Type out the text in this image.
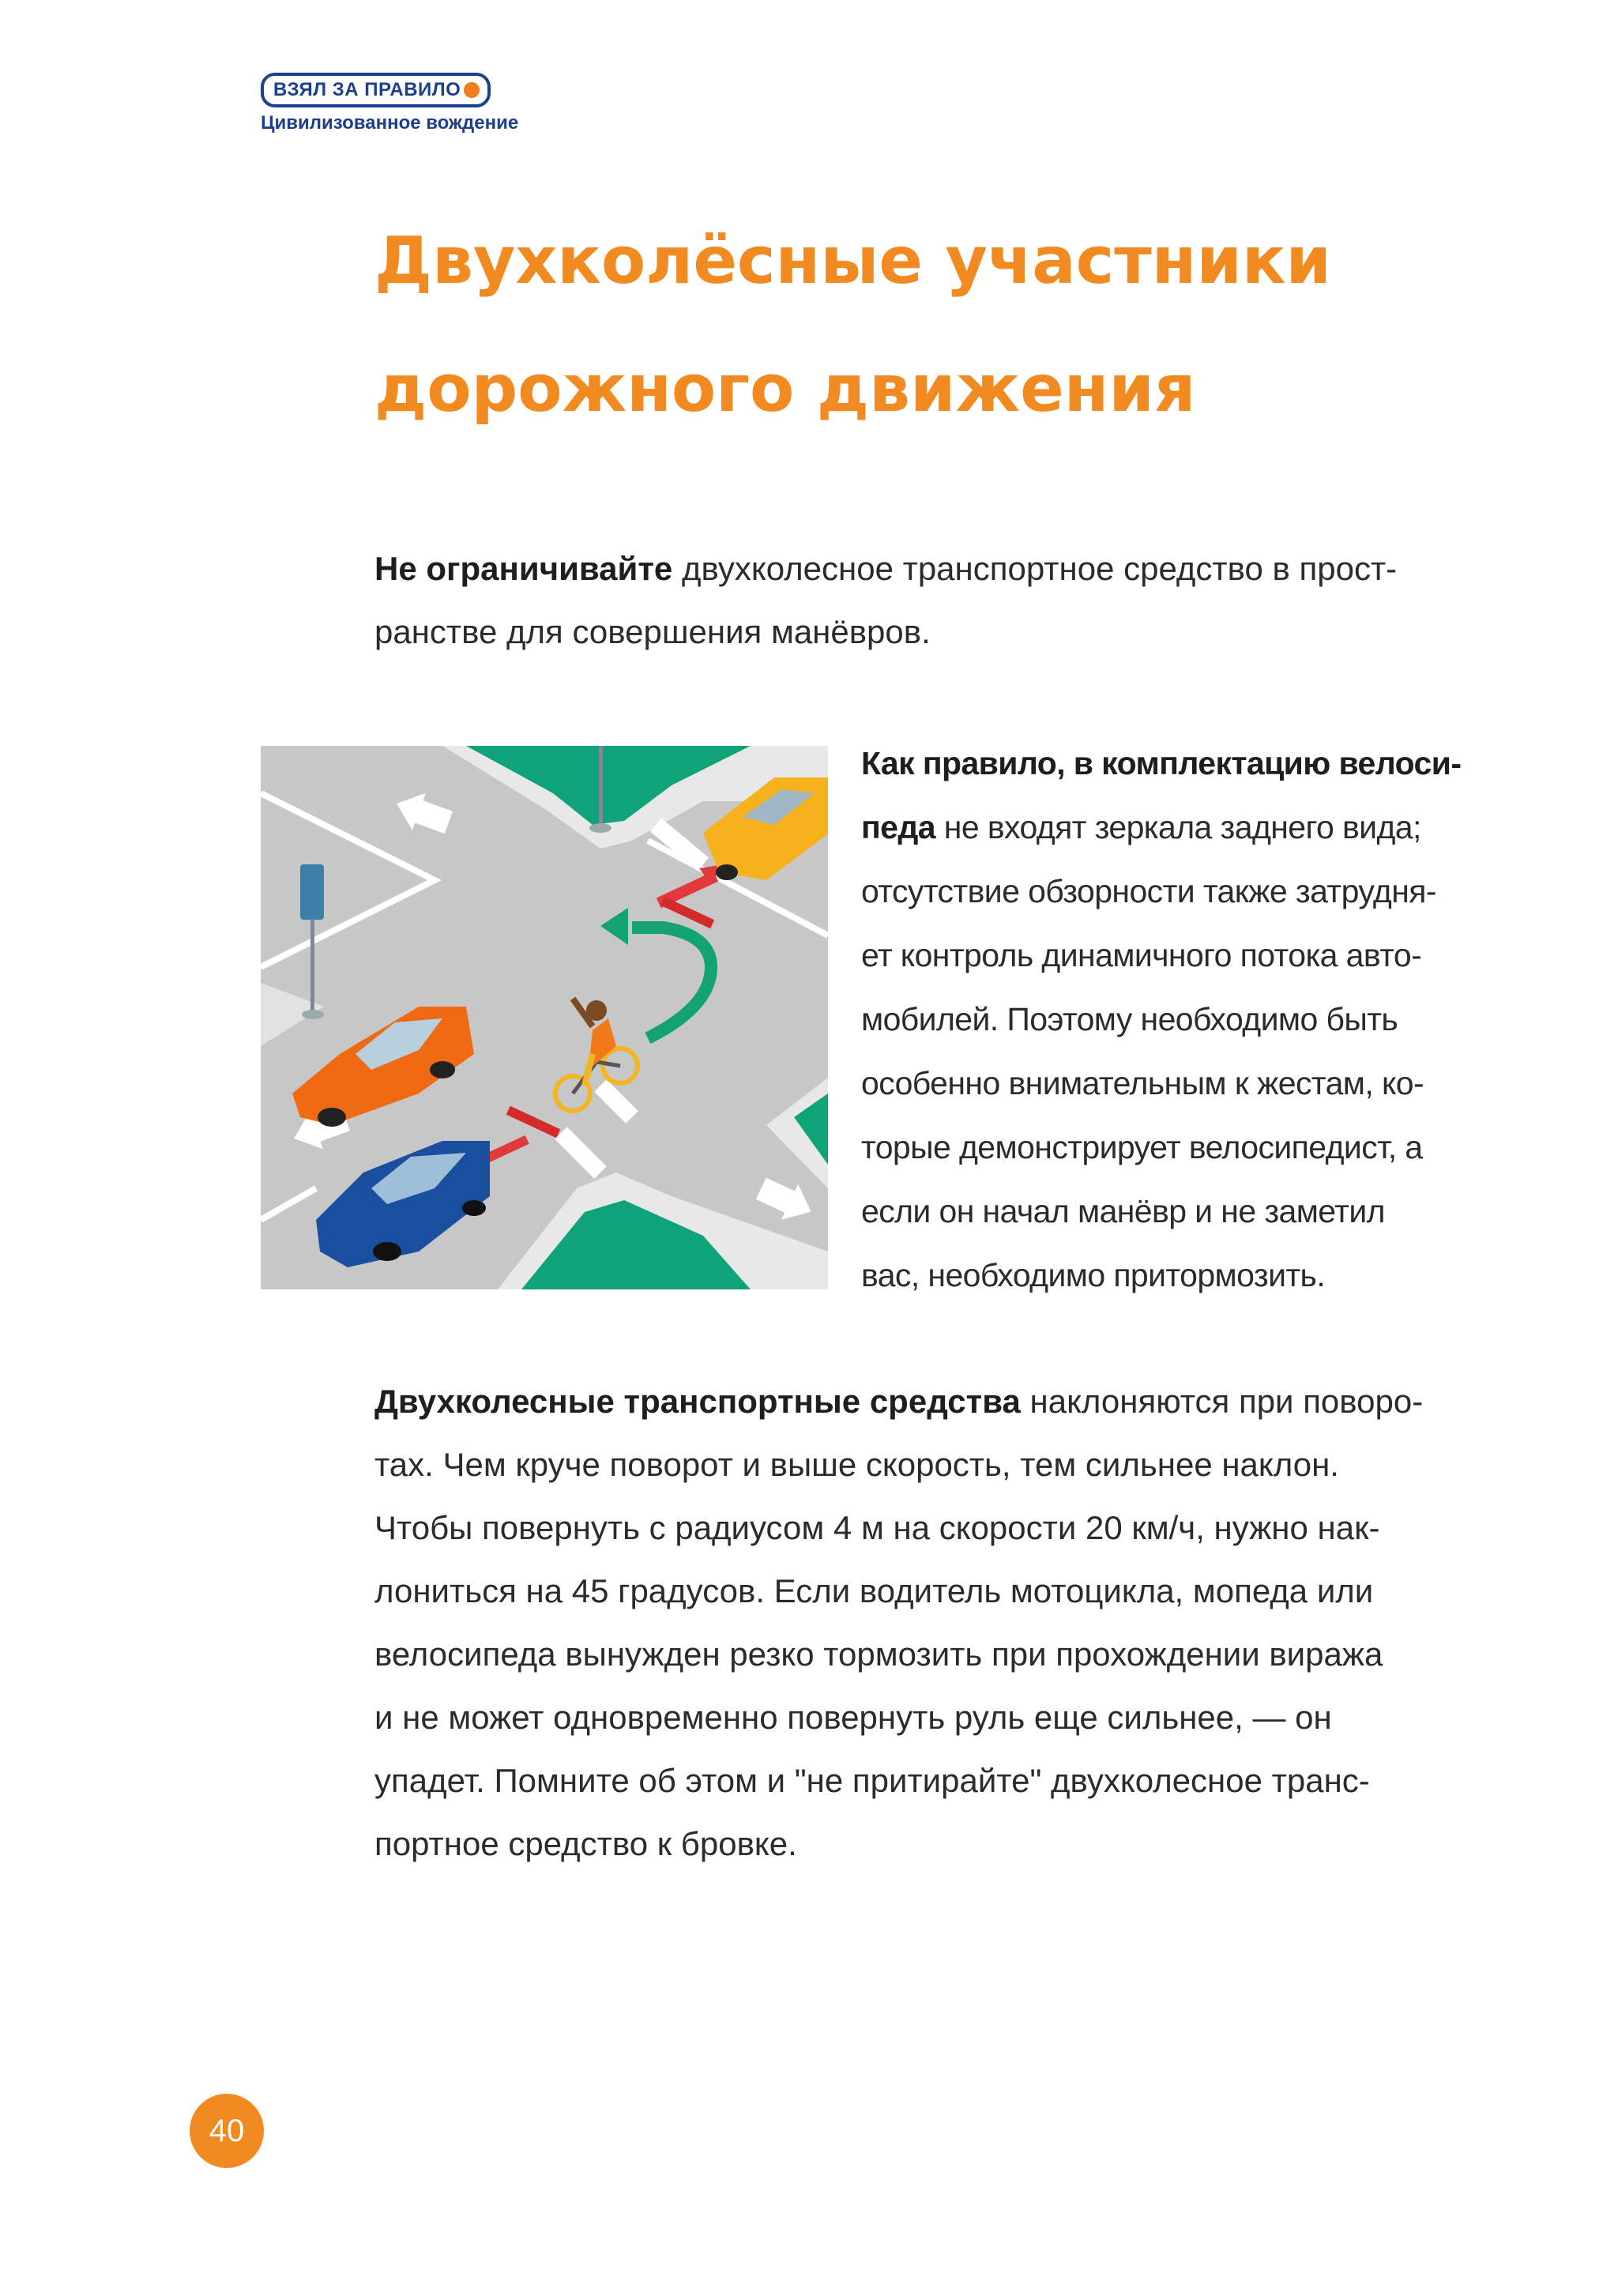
ВЗЯЛ ЗА ПРАВИЛО
Цивилизованное вождение
Двухколёсные участники
дорожного движения

Не ограничивайте двухколесное транспортное средство в прост-
ранстве для совершения манёвров.

Как правило, в комплектацию велоси-
педа не входят зеркала заднего вида;
отсутствие обзорности также затрудня-
ет контроль динамичного потока авто-
мобилей. Поэтому необходимо быть
особенно внимательным к жестам, ко-
торые демонстрирует велосипедист, а
если он начал манёвр и не заметил
вас, необходимо притормозить.

Двухколесные транспортные средства наклоняются при поворо-
тах. Чем круче поворот и выше скорость, тем сильнее наклон.
Чтобы повернуть с радиусом 4 м на скорости 20 км/ч, нужно нак-
лониться на 45 градусов. Если водитель мотоцикла, мопеда или
велосипеда вынужден резко тормозить при прохождении виража
и не может одновременно повернуть руль еще сильнее, — он
упадет. Помните об этом и "не притирайте" двухколесное транс-
портное средство к бровке.

40
